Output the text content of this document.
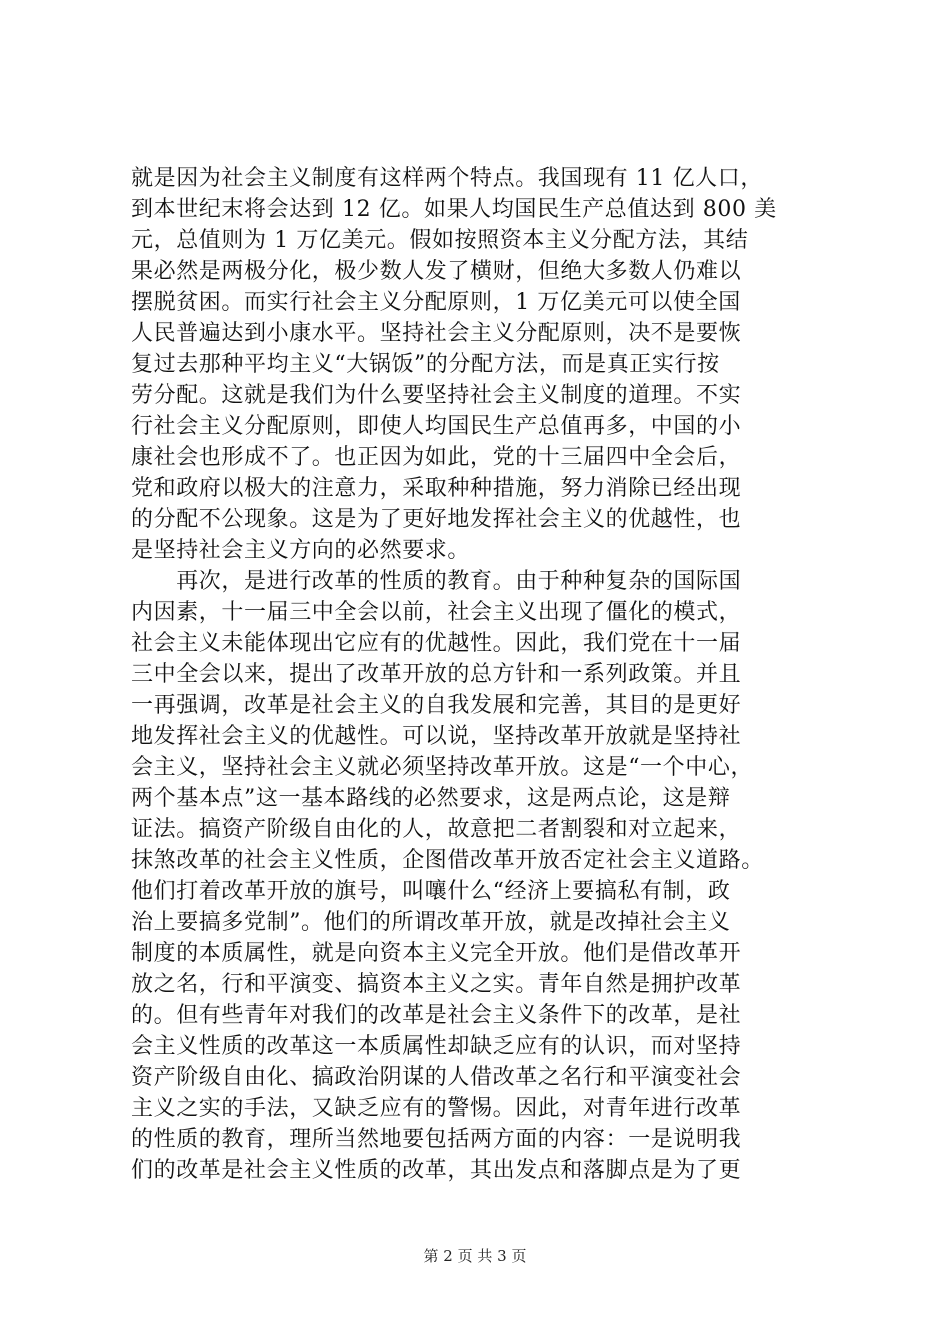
就是因为社会主义制度有这样两个特点。我国现有 11 亿人口，
到本世纪末将会达到 12 亿。如果人均国民生产总值达到 800 美
元，总值则为 1 万亿美元。假如按照资本主义分配方法，其结
果必然是两极分化，极少数人发了横财，但绝大多数人仍难以
摆脱贫困。而实行社会主义分配原则，1 万亿美元可以使全国
人民普遍达到小康水平。坚持社会主义分配原则，决不是要恢
复过去那种平均主义“大锅饭”的分配方法，而是真正实行按
劳分配。这就是我们为什么要坚持社会主义制度的道理。不实
行社会主义分配原则，即使人均国民生产总值再多，中国的小
康社会也形成不了。也正因为如此，党的十三届四中全会后，
党和政府以极大的注意力，采取种种措施，努力消除已经出现
的分配不公现象。这是为了更好地发挥社会主义的优越性，也
是坚持社会主义方向的必然要求。
　　再次，是进行改革的性质的教育。由于种种复杂的国际国
内因素，十一届三中全会以前，社会主义出现了僵化的模式，
社会主义未能体现出它应有的优越性。因此，我们党在十一届
三中全会以来，提出了改革开放的总方针和一系列政策。并且
一再强调，改革是社会主义的自我发展和完善，其目的是更好
地发挥社会主义的优越性。可以说，坚持改革开放就是坚持社
会主义，坚持社会主义就必须坚持改革开放。这是“一个中心，
两个基本点”这一基本路线的必然要求，这是两点论，这是辩
证法。搞资产阶级自由化的人，故意把二者割裂和对立起来，
抹煞改革的社会主义性质，企图借改革开放否定社会主义道路。
他们打着改革开放的旗号，叫嚷什么“经济上要搞私有制，政
治上要搞多党制”。他们的所谓改革开放，就是改掉社会主义
制度的本质属性，就是向资本主义完全开放。他们是借改革开
放之名，行和平演变、搞资本主义之实。青年自然是拥护改革
的。但有些青年对我们的改革是社会主义条件下的改革，是社
会主义性质的改革这一本质属性却缺乏应有的认识，而对坚持
资产阶级自由化、搞政治阴谋的人借改革之名行和平演变社会
主义之实的手法，又缺乏应有的警惕。因此，对青年进行改革
的性质的教育，理所当然地要包括两方面的内容：一是说明我
们的改革是社会主义性质的改革，其出发点和落脚点是为了更
第 2 页 共 3 页
